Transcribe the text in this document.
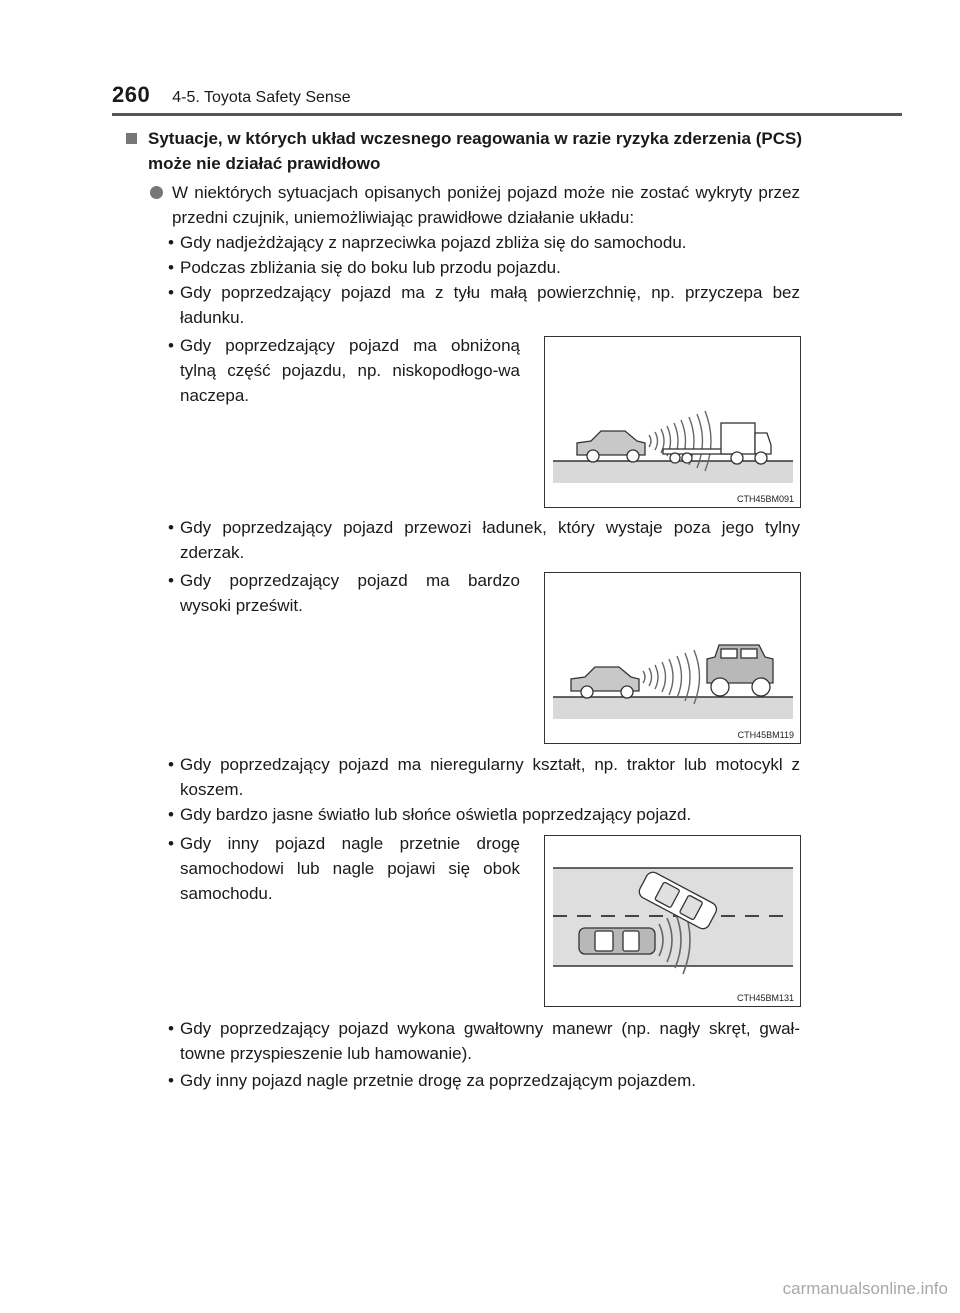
260 4-5. Toyota Safety Sense
Sytuacje, w których układ wczesnego reagowania w razie ryzyka zderzenia (PCS) może nie działać prawidłowo
W niektórych sytuacjach opisanych poniżej pojazd może nie zostać wykryty przez przedni czujnik, uniemożliwiając prawidłowe działanie układu:
• Gdy nadjeżdżający z naprzeciwka pojazd zbliża się do samochodu.
• Podczas zbliżania się do boku lub przodu pojazdu.
• Gdy poprzedzający pojazd ma z tyłu małą powierzchnię, np. przyczepa bez ładunku.
• Gdy poprzedzający pojazd ma obniżoną tylną część pojazdu, np. niskopodłogo-wa naczepa.
CTH45BM091
• Gdy poprzedzający pojazd przewozi ładunek, który wystaje poza jego tylny zderzak.
• Gdy poprzedzający pojazd ma bardzo wysoki prześwit.
CTH45BM119
• Gdy poprzedzający pojazd ma nieregularny kształt, np. traktor lub motocykl z koszem.
• Gdy bardzo jasne światło lub słońce oświetla poprzedzający pojazd.
• Gdy inny pojazd nagle przetnie drogę samochodowi lub nagle pojawi się obok samochodu.
CTH45BM131
• Gdy poprzedzający pojazd wykona gwałtowny manewr (np. nagły skręt, gwał-towne przyspieszenie lub hamowanie).
• Gdy inny pojazd nagle przetnie drogę za poprzedzającym pojazdem.
carmanualsonline.info
